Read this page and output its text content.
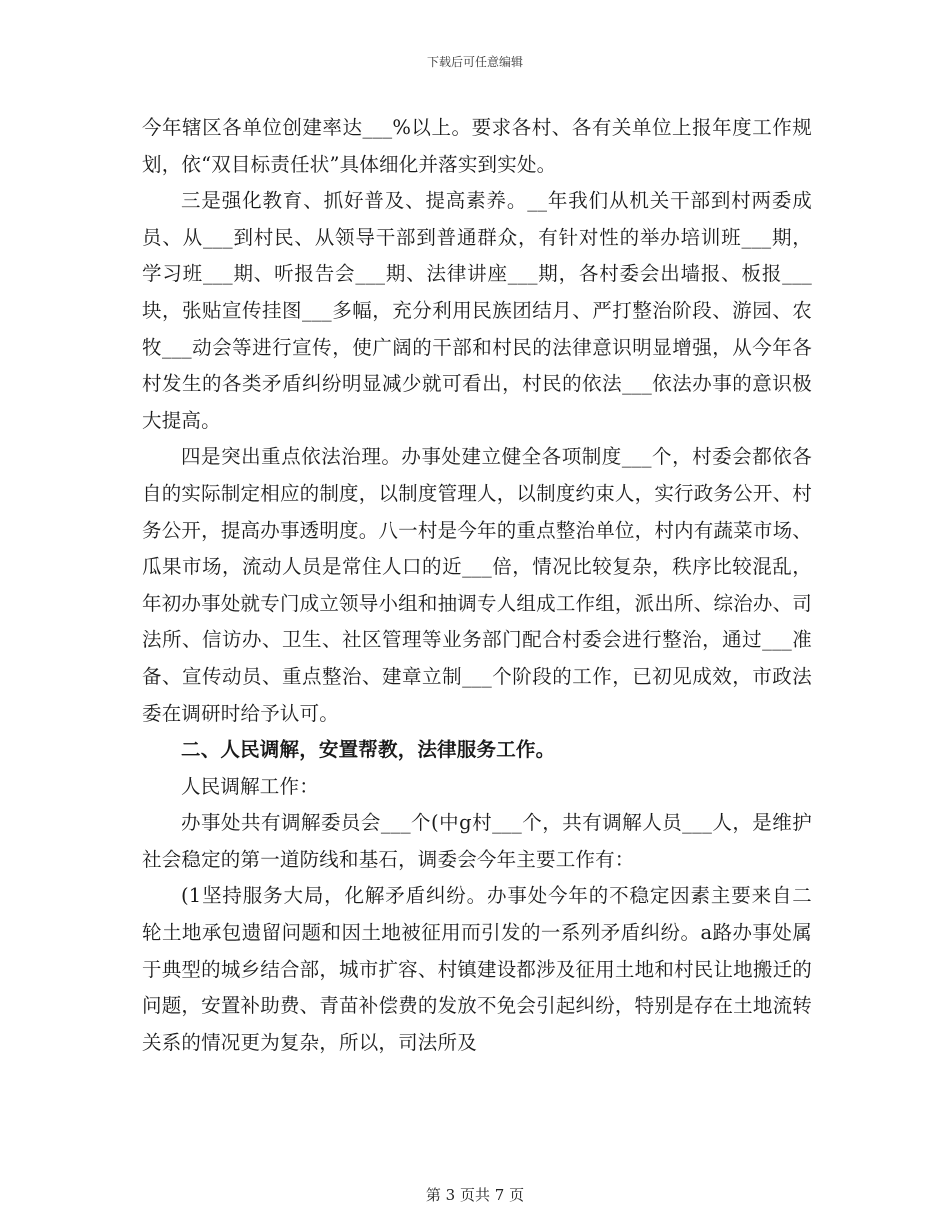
下载后可任意编辑

今年辖区各单位创建率达___%以上。要求各村、各有关单位上报年度工作规划，依“双目标责任状”具体细化并落实到实处。

三是强化教育、抓好普及、提高素养。__年我们从机关干部到村两委成员、从___到村民、从领导干部到普通群众，有针对性的举办培训班___期，学习班___期、听报告会___期、法律讲座___期，各村委会出墙报、板报___块，张贴宣传挂图___多幅，充分利用民族团结月、严打整治阶段、游园、农牧___动会等进行宣传，使广阔的干部和村民的法律意识明显增强，从今年各村发生的各类矛盾纠纷明显减少就可看出，村民的依法___依法办事的意识极大提高。

四是突出重点依法治理。办事处建立健全各项制度___个，村委会都依各自的实际制定相应的制度，以制度管理人，以制度约束人，实行政务公开、村务公开，提高办事透明度。八一村是今年的重点整治单位，村内有蔬菜市场、瓜果市场，流动人员是常住人口的近___倍，情况比较复杂，秩序比较混乱，年初办事处就专门成立领导小组和抽调专人组成工作组，派出所、综治办、司法所、信访办、卫生、社区管理等业务部门配合村委会进行整治，通过___准备、宣传动员、重点整治、建章立制___个阶段的工作，已初见成效，市政法委在调研时给予认可。

二、人民调解，安置帮教，法律服务工作。

人民调解工作：

办事处共有调解委员会___个(中g村___个，共有调解人员___人，是维护社会稳定的第一道防线和基石，调委会今年主要工作有：

(1坚持服务大局，化解矛盾纠纷。办事处今年的不稳定因素主要来自二轮土地承包遗留问题和因土地被征用而引发的一系列矛盾纠纷。a路办事处属于典型的城乡结合部，城市扩容、村镇建设都涉及征用土地和村民让地搬迁的问题，安置补助费、青苗补偿费的发放不免会引起纠纷，特别是存在土地流转关系的情况更为复杂，所以，司法所及

第 3 页共 7 页
